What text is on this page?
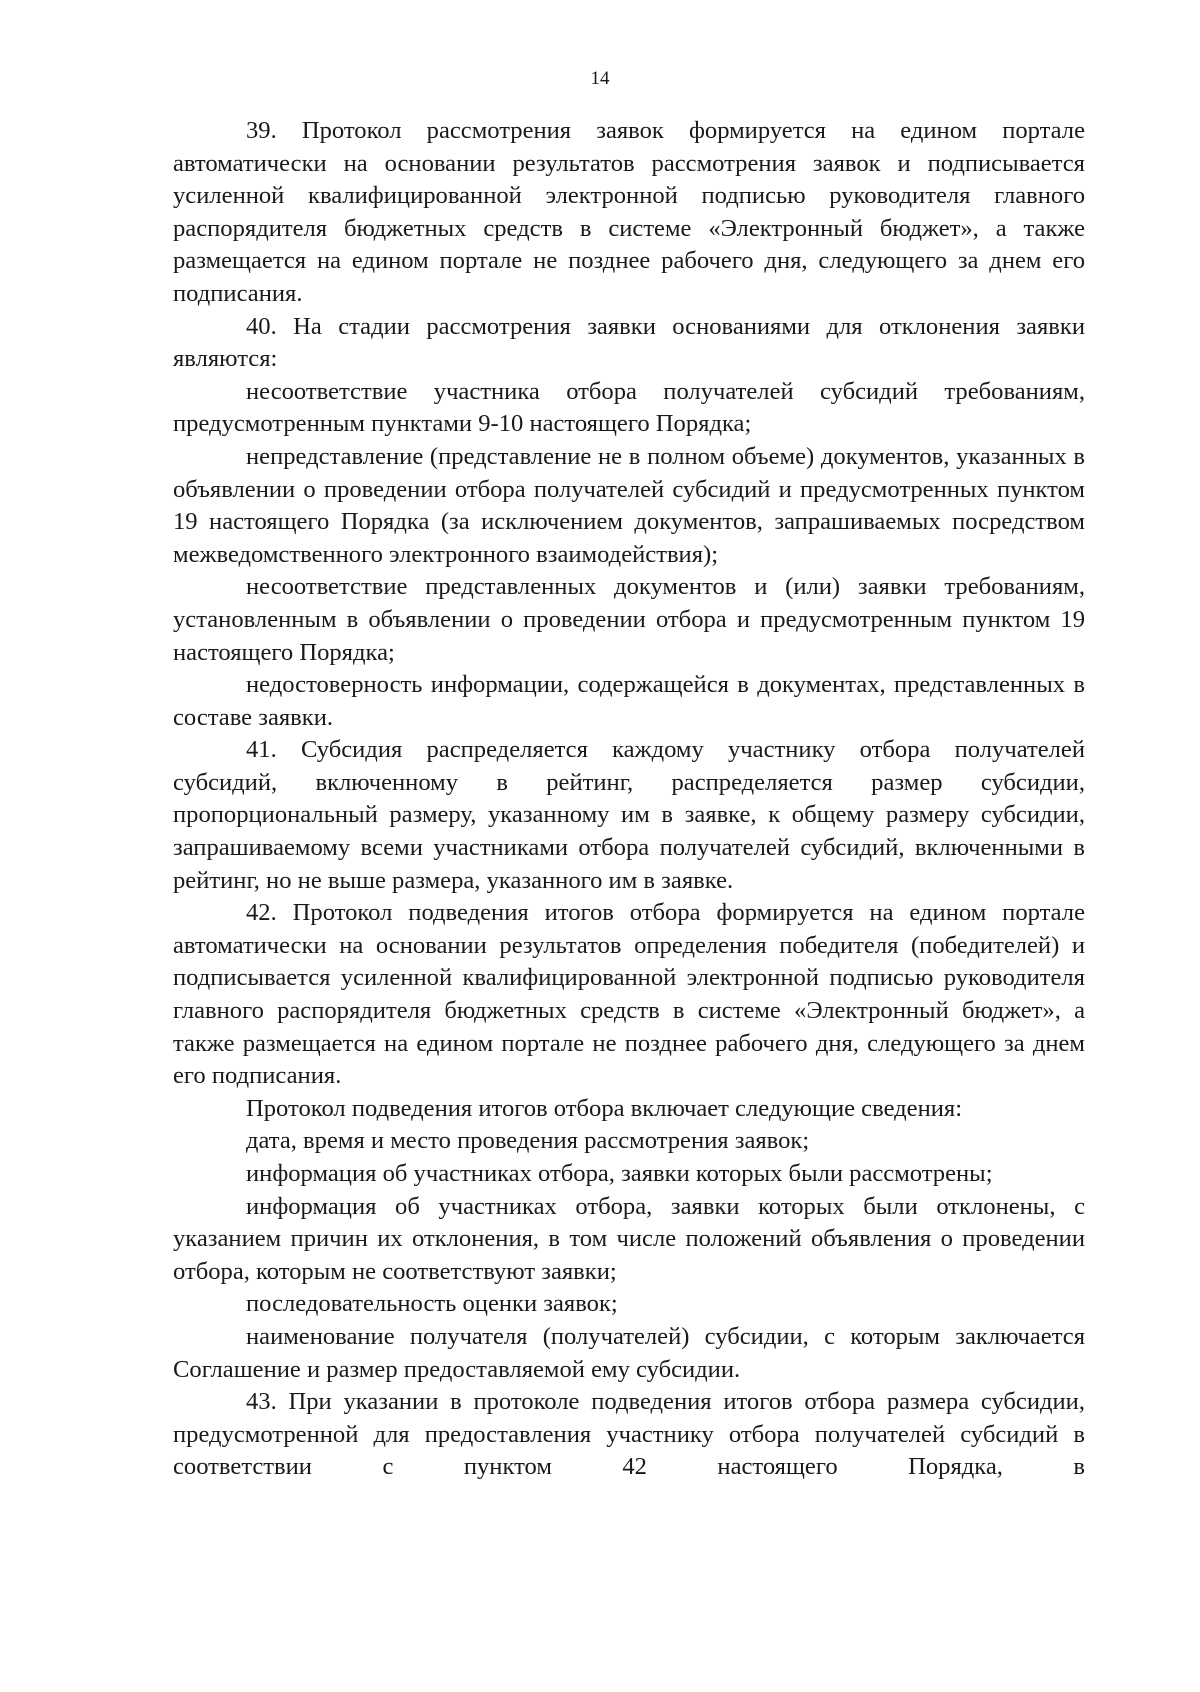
14

39. Протокол рассмотрения заявок формируется на едином портале автоматически на основании результатов рассмотрения заявок и подписывается усиленной квалифицированной электронной подписью руководителя главного распорядителя бюджетных средств в системе «Электронный бюджет», а также размещается на едином портале не позднее рабочего дня, следующего за днем его подписания.

40. На стадии рассмотрения заявки основаниями для отклонения заявки являются:

несоответствие участника отбора получателей субсидий требованиям, предусмотренным пунктами 9-10 настоящего Порядка;

непредставление (представление не в полном объеме) документов, указанных в объявлении о проведении отбора получателей субсидий и предусмотренных пунктом 19 настоящего Порядка (за исключением документов, запрашиваемых посредством межведомственного электронного взаимодействия);

несоответствие представленных документов и (или) заявки требованиям, установленным в объявлении о проведении отбора и предусмотренным пунктом 19 настоящего Порядка;

недостоверность информации, содержащейся в документах, представленных в составе заявки.

41. Субсидия распределяется каждому участнику отбора получателей субсидий, включенному в рейтинг, распределяется размер субсидии, пропорциональный размеру, указанному им в заявке, к общему размеру субсидии, запрашиваемому всеми участниками отбора получателей субсидий, включенными в рейтинг, но не выше размера, указанного им в заявке.

42. Протокол подведения итогов отбора формируется на едином портале автоматически на основании результатов определения победителя (победителей) и подписывается усиленной квалифицированной электронной подписью руководителя главного распорядителя бюджетных средств в системе «Электронный бюджет», а также размещается на едином портале не позднее рабочего дня, следующего за днем его подписания.

Протокол подведения итогов отбора включает следующие сведения:

дата, время и место проведения рассмотрения заявок;

информация об участниках отбора, заявки которых были рассмотрены;

информация об участниках отбора, заявки которых были отклонены, с указанием причин их отклонения, в том числе положений объявления о проведении отбора, которым не соответствуют заявки;

последовательность оценки заявок;

наименование получателя (получателей) субсидии, с которым заключается Соглашение и размер предоставляемой ему субсидии.

43. При указании в протоколе подведения итогов отбора размера субсидии, предусмотренной для предоставления участнику отбора получателей субсидий в соответствии с пунктом 42 настоящего Порядка, в
